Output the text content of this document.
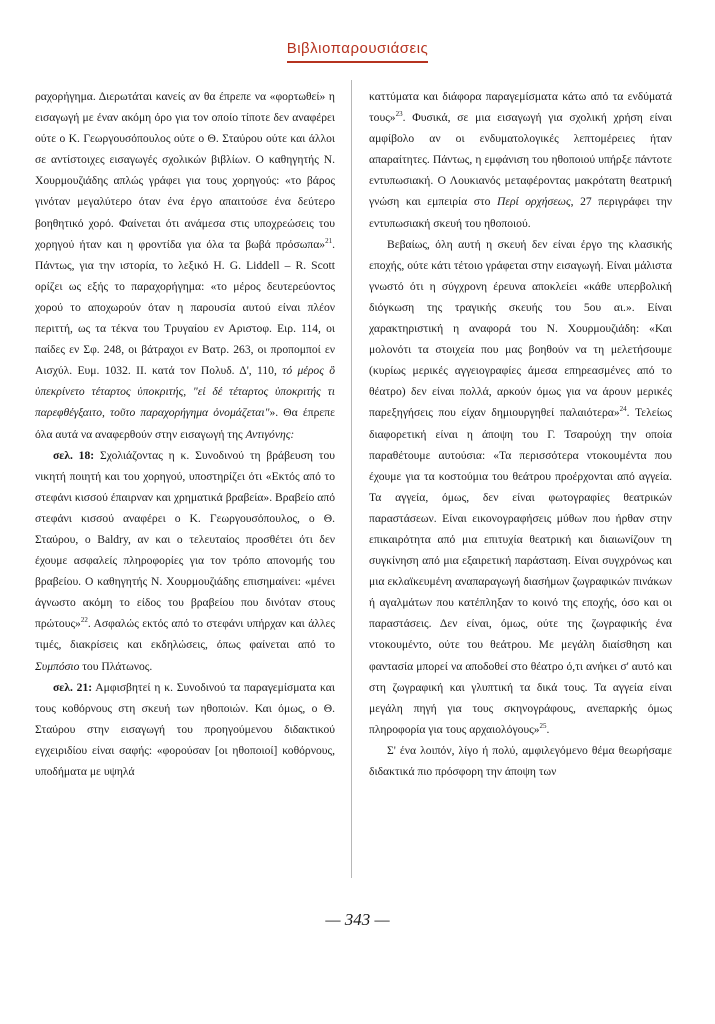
Βιβλιοπαρουσιάσεις

ραχορήγημα. Διερωτάται κανείς αν θα έπρεπε να «φορτωθεί» η εισαγωγή με έναν ακόμη όρο για τον οποίο τίποτε δεν αναφέρει ούτε ο Κ. Γεωργουσόπουλος ούτε ο Θ. Σταύρου ούτε και άλλοι σε αντίστοιχες εισαγωγές σχολικών βιβλίων. Ο καθηγητής Ν. Χουρμουζιάδης απλώς γράφει για τους χορηγούς: «το βάρος γινόταν μεγαλύτερο όταν ένα έργο απαιτούσε ένα δεύτερο βοηθητικό χορό. Φαίνεται ότι ανάμεσα στις υποχρεώσεις του χορηγού ήταν και η φροντίδα για όλα τα βωβά πρόσωπα»$^{21}$. Πάντως, για την ιστορία, το λεξικό H. G. Liddell – R. Scott ορίζει ως εξής το παραχορήγημα: «το μέρος δευτερεύοντος χορού το αποχωρούν όταν η παρουσία αυτού είναι πλέον περιττή, ως τα τέκνα του Τρυγαίου εν Αριστοφ. Ειρ. 114, οι παίδες εν Σφ. 248, οι βάτραχοι εν Βατρ. 263, οι προπομποί εν Αισχύλ. Ευμ. 1032. ΙΙ. κατά τον Πολυδ. Δ', 110, τό μέρος ὃ ὑπεκρίνετο τέταρτος ὑποκριτής, "εἰ δέ τέταρτος ὑποκριτής τι παρεφθέγξαιτο, τοῦτο παραχορήγημα ὀνομάζεται"». Θα έπρεπε όλα αυτά να αναφερθούν στην εισαγωγή της Αντιγόνης:

σελ. 18: Σχολιάζοντας η κ. Συνοδινού τη βράβευση του νικητή ποιητή και του χορηγού, υποστηρίζει ότι «Εκτός από το στεφάνι κισσού έπαιρναν και χρηματικά βραβεία». Βραβείο από στεφάνι κισσού αναφέρει ο Κ. Γεωργουσόπουλος, ο Θ. Σταύρου, ο Baldry, αν και ο τελευταίος προσθέτει ότι δεν έχουμε ασφαλείς πληροφορίες για τον τρόπο απονομής του βραβείου. Ο καθηγητής Ν. Χουρμουζιάδης επισημαίνει: «μένει άγνωστο ακόμη το είδος του βραβείου που δινόταν στους πρώτους»$^{22}$. Ασφαλώς εκτός από το στεφάνι υπήρχαν και άλλες τιμές, διακρίσεις και εκδηλώσεις, όπως φαίνεται από το Συμπόσιο του Πλάτωνος.

σελ. 21: Αμφισβητεί η κ. Συνοδινού τα παραγεμίσματα και τους κοθόρνους στη σκευή των ηθοποιών. Και όμως, ο Θ. Σταύρου στην εισαγωγή του προηγούμενου διδακτικού εγχειριδίου είναι σαφής: «φορούσαν [οι ηθοποιοί] κοθόρνους, υποδήματα με υψηλά

καττύματα και διάφορα παραγεμίσματα κάτω από τα ενδύματά τους»$^{23}$. Φυσικά, σε μια εισαγωγή για σχολική χρήση είναι αμφίβολο αν οι ενδυματολογικές λεπτομέρειες ήταν απαραίτητες. Πάντως, η εμφάνιση του ηθοποιού υπήρξε πάντοτε εντυπωσιακή. Ο Λουκιανός μεταφέροντας μακρότατη θεατρική γνώση και εμπειρία στο Περί ορχήσεως, 27 περιγράφει την εντυπωσιακή σκευή του ηθοποιού.

Βεβαίως, όλη αυτή η σκευή δεν είναι έργο της κλασικής εποχής, ούτε κάτι τέτοιο γράφεται στην εισαγωγή. Είναι μάλιστα γνωστό ότι η σύγχρονη έρευνα αποκλείει «κάθε υπερβολική διόγκωση της τραγικής σκευής του 5ου αι.». Είναι χαρακτηριστική η αναφορά του Ν. Χουρμουζιάδη: «Και μολονότι τα στοιχεία που μας βοηθούν να τη μελετήσουμε (κυρίως μερικές αγγειογραφίες άμεσα επηρεασμένες από το θέατρο) δεν είναι πολλά, αρκούν όμως για να άρουν μερικές παρεξηγήσεις που είχαν δημιουργηθεί παλαιότερα»$^{24}$. Τελείως διαφορετική είναι η άποψη του Γ. Τσαρούχη την οποία παραθέτουμε αυτούσια: «Τα περισσότερα ντοκουμέντα που έχουμε για τα κοστούμια του θεάτρου προέρχονται από αγγεία. Τα αγγεία, όμως, δεν είναι φωτογραφίες θεατρικών παραστάσεων. Είναι εικονογραφήσεις μύθων που ήρθαν στην επικαιρότητα από μια επιτυχία θεατρική και διαιωνίζουν τη συγκίνηση από μια εξαιρετική παράσταση. Είναι συγχρόνως και μια εκλαϊκευμένη αναπαραγωγή διασήμων ζωγραφικών πινάκων ή αγαλμάτων που κατέπληξαν το κοινό της εποχής, όσο και οι παραστάσεις. Δεν είναι, όμως, ούτε της ζωγραφικής ένα ντοκουμέντο, ούτε του θεάτρου. Με μεγάλη διαίσθηση και φαντασία μπορεί να αποδοθεί στο θέατρο ό,τι ανήκει σ' αυτό και στη ζωγραφική και γλυπτική τα δικά τους. Τα αγγεία είναι μεγάλη πηγή για τους σκηνογράφους, ανεπαρκής όμως πληροφορία για τους αρχαιολόγους»$^{25}$.

Σ' ένα λοιπόν, λίγο ή πολύ, αμφιλεγόμενο θέμα θεωρήσαμε διδακτικά πιο πρόσφορη την άποψη των

— 343 —
